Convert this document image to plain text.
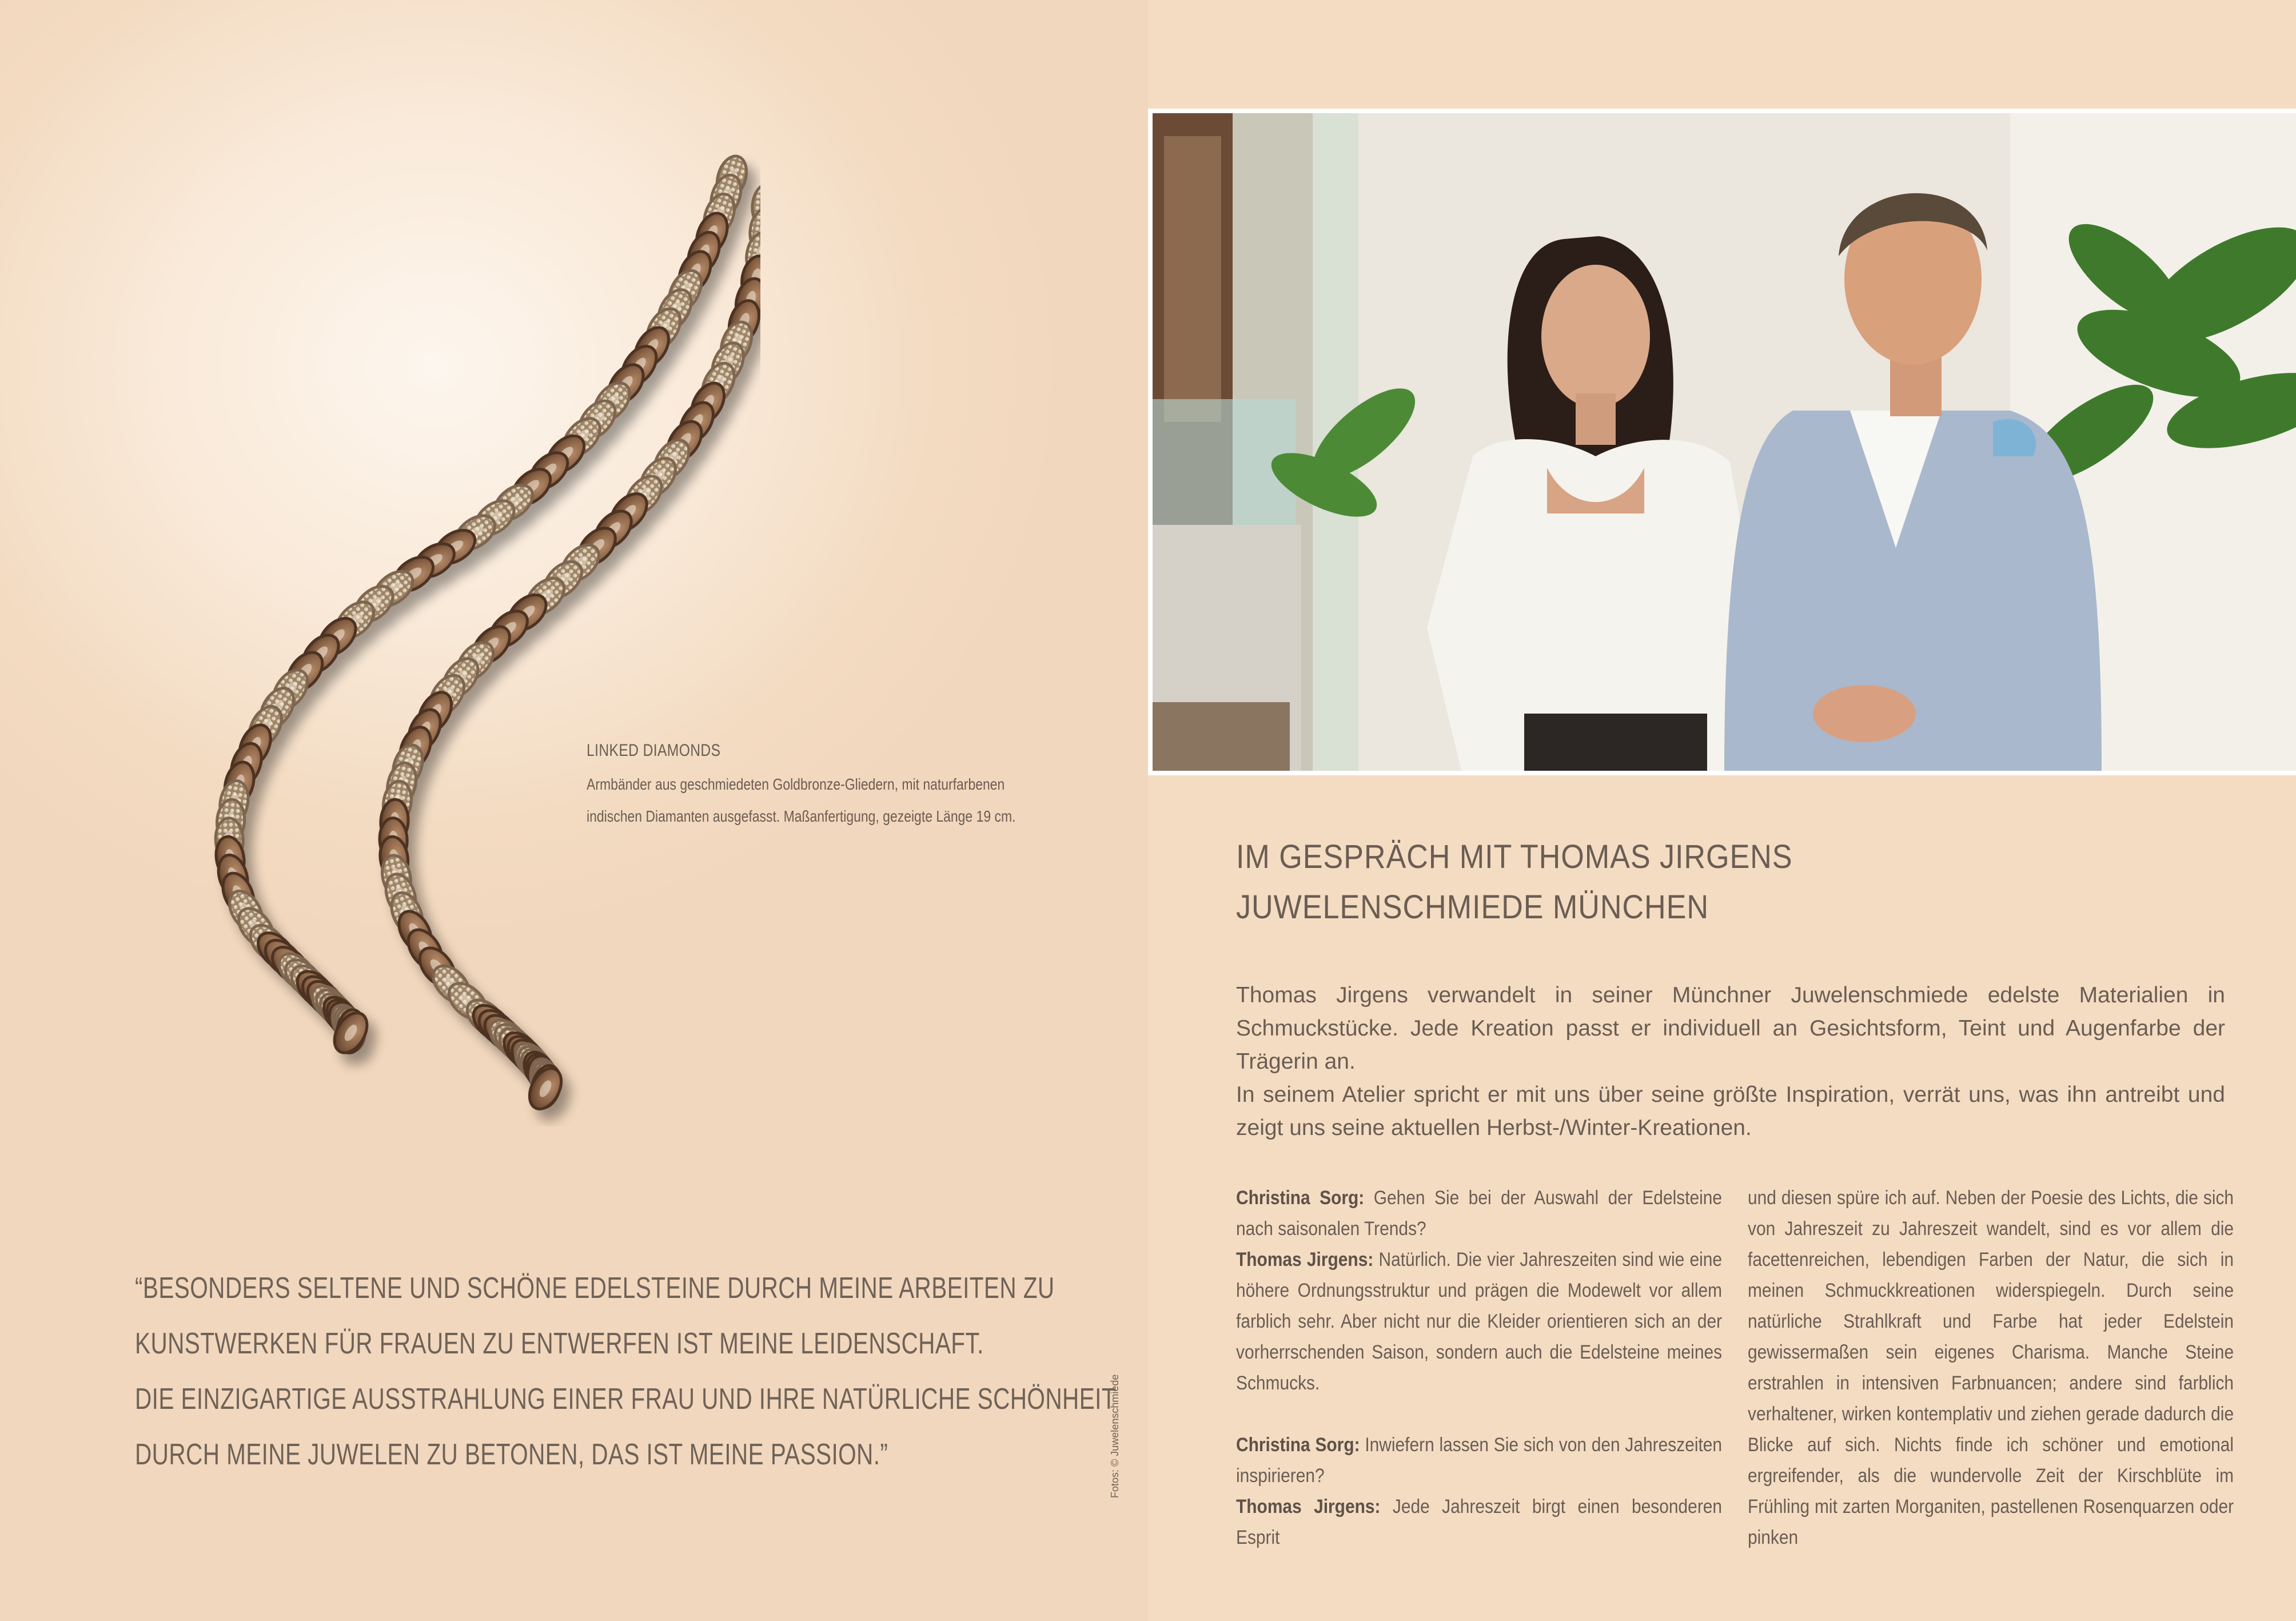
LINKED DIAMONDS
Armbänder aus geschmiedeten Goldbronze-Gliedern, mit naturfarbenen
indischen Diamanten ausgefasst. Maßanfertigung, gezeigte Länge 19 cm.

“BESONDERS SELTENE UND SCHÖNE EDELSTEINE DURCH MEINE ARBEITEN ZU

KUNSTWERKEN FÜR FRAUEN ZU ENTWERFEN IST MEINE LEIDENSCHAFT.

DIE EINZIGARTIGE AUSSTRAHLUNG EINER FRAU UND IHRE NATÜRLICHE SCHÖNHEIT

DURCH MEINE JUWELEN ZU BETONEN, DAS IST MEINE PASSION.”	Fotos: © Juwelenschmiede

IM GESPRÄCH MIT THOMAS JIRGENS

JUWELENSCHMIEDE MÜNCHEN

Thomas Jirgens verwandelt in seiner Münchner Juwelenschmiede edelste Materialien in Schmuckstücke. Jede Kreation passt er individuell an Gesichtsform, Teint und Augenfarbe der Trägerin an.

In seinem Atelier spricht er mit uns über seine größte Inspiration, verrät uns, was ihn antreibt und zeigt uns seine aktuellen Herbst-/Winter-Kreationen.

Christina Sorg: Gehen Sie bei der Auswahl der Edelsteine nach saisonalen Trends?

Thomas Jirgens: Natürlich. Die vier Jahreszeiten sind wie eine höhere Ordnungsstruktur und prägen die Modewelt vor allem farblich sehr. Aber nicht nur die Kleider orientieren sich an der vorherrschenden Saison, sondern auch die Edelsteine meines Schmucks.

Christina Sorg: Inwiefern lassen Sie sich von den Jahreszeiten inspirieren?

Thomas Jirgens: Jede Jahreszeit birgt einen besonderen Esprit

und diesen spüre ich auf. Neben der Poesie des Lichts, die sich von Jahreszeit zu Jahreszeit wandelt, sind es vor allem die facettenreichen, lebendigen Farben der Natur, die sich in meinen Schmuckkreationen widerspiegeln. Durch seine natürliche Strahlkraft und Farbe hat jeder Edelstein gewissermaßen sein eigenes Charisma. Manche Steine erstrahlen in intensiven Farbnuancen; andere sind farblich verhaltener, wirken kontemplativ und ziehen gerade dadurch die Blicke auf sich. Nichts finde ich schöner und emotional ergreifender, als die wundervolle Zeit der Kirschblüte im Frühling mit zarten Morganiten, pastellenen Rosenquarzen oder pinken
